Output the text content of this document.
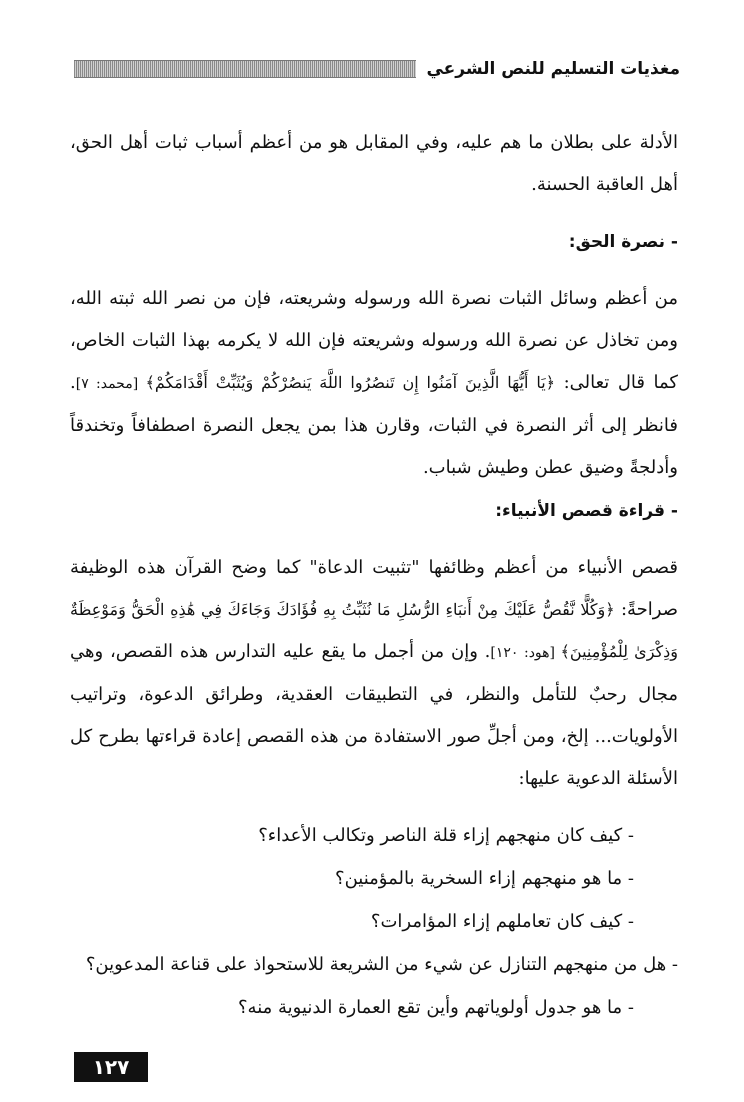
مغذيات التسليم للنص الشرعي

الأدلة على بطلان ما هم عليه، وفي المقابل هو من أعظم أسباب ثبات أهل الحق، أهل العاقبة الحسنة.

- نصرة الحق:

من أعظم وسائل الثبات نصرة الله ورسوله وشريعته، فإن من نصر الله ثبته الله، ومن تخاذل عن نصرة الله ورسوله وشريعته فإن الله لا يكرمه بهذا الثبات الخاص، كما قال تعالى: ﴿يَا أَيُّهَا الَّذِينَ آمَنُوا إِن تَنصُرُوا اللَّهَ يَنصُرْكُمْ وَيُثَبِّتْ أَقْدَامَكُمْ﴾ [محمد: ٧]. فانظر إلى أثر النصرة في الثبات، وقارن هذا بمن يجعل النصرة اصطفافاً وتخندقاً وأدلجةً وضيق عطن وطيش شباب.

- قراءة قصص الأنبياء:

قصص الأنبياء من أعظم وظائفها "تثبيت الدعاة" كما وضح القرآن هذه الوظيفة صراحةً: ﴿وَكُلًّا نَّقُصُّ عَلَيْكَ مِنْ أَنبَاءِ الرُّسُلِ مَا نُثَبِّتُ بِهِ فُؤَادَكَ وَجَاءَكَ فِي هَٰذِهِ الْحَقُّ وَمَوْعِظَةٌ وَذِكْرَىٰ لِلْمُؤْمِنِينَ﴾ [هود: ١٢٠]. وإن من أجمل ما يقع عليه التدارس هذه القصص، وهي مجال رحبٌ للتأمل والنظر، في التطبيقات العقدية، وطرائق الدعوة، وتراتيب الأولويات... إلخ، ومن أجلِّ صور الاستفادة من هذه القصص إعادة قراءتها بطرح كل الأسئلة الدعوية عليها:

- كيف كان منهجهم إزاء قلة الناصر وتكالب الأعداء؟
- ما هو منهجهم إزاء السخرية بالمؤمنين؟
- كيف كان تعاملهم إزاء المؤامرات؟
- هل من منهجهم التنازل عن شيء من الشريعة للاستحواذ على قناعة المدعوين؟
- ما هو جدول أولوياتهم وأين تقع العمارة الدنيوية منه؟
١٢٧
